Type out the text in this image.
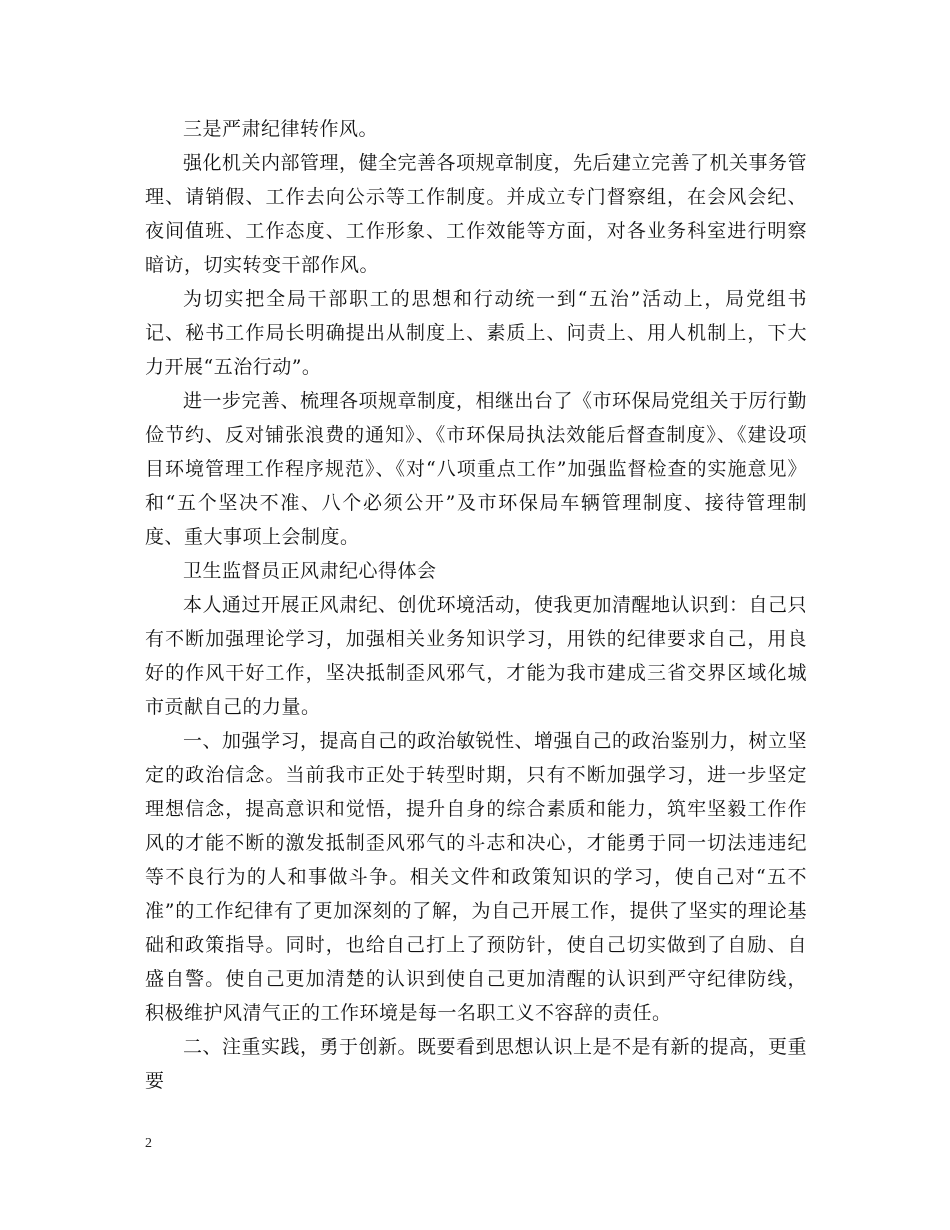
三是严肃纪律转作风。

强化机关内部管理，健全完善各项规章制度，先后建立完善了机关事务管理、请销假、工作去向公示等工作制度。并成立专门督察组，在会风会纪、夜间值班、工作态度、工作形象、工作效能等方面，对各业务科室进行明察暗访，切实转变干部作风。

为切实把全局干部职工的思想和行动统一到“五治”活动上，局党组书记、秘书工作局长明确提出从制度上、素质上、问责上、用人机制上，下大力开展“五治行动”。

进一步完善、梳理各项规章制度，相继出台了《市环保局党组关于厉行勤俭节约、反对铺张浪费的通知》、《市环保局执法效能后督查制度》、《建设项目环境管理工作程序规范》、《对“八项重点工作”加强监督检查的实施意见》和“五个坚决不准、八个必须公开”及市环保局车辆管理制度、接待管理制度、重大事项上会制度。

卫生监督员正风肃纪心得体会

本人通过开展正风肃纪、创优环境活动，使我更加清醒地认识到：自己只有不断加强理论学习，加强相关业务知识学习，用铁的纪律要求自己，用良好的作风干好工作，坚决抵制歪风邪气，才能为我市建成三省交界区域化城市贡献自己的力量。

一、加强学习，提高自己的政治敏锐性、增强自己的政治鉴别力，树立坚定的政治信念。当前我市正处于转型时期，只有不断加强学习，进一步坚定理想信念，提高意识和觉悟，提升自身的综合素质和能力，筑牢坚毅工作作风的才能不断的激发抵制歪风邪气的斗志和决心，才能勇于同一切法违违纪等不良行为的人和事做斗争。相关文件和政策知识的学习，使自己对“五不准”的工作纪律有了更加深刻的了解，为自己开展工作，提供了坚实的理论基础和政策指导。同时，也给自己打上了预防针，使自己切实做到了自励、自盛自警。使自己更加清楚的认识到使自己更加清醒的认识到严守纪律防线，积极维护风清气正的工作环境是每一名职工义不容辞的责任。

二、注重实践，勇于创新。既要看到思想认识上是不是有新的提高，更重要

2
